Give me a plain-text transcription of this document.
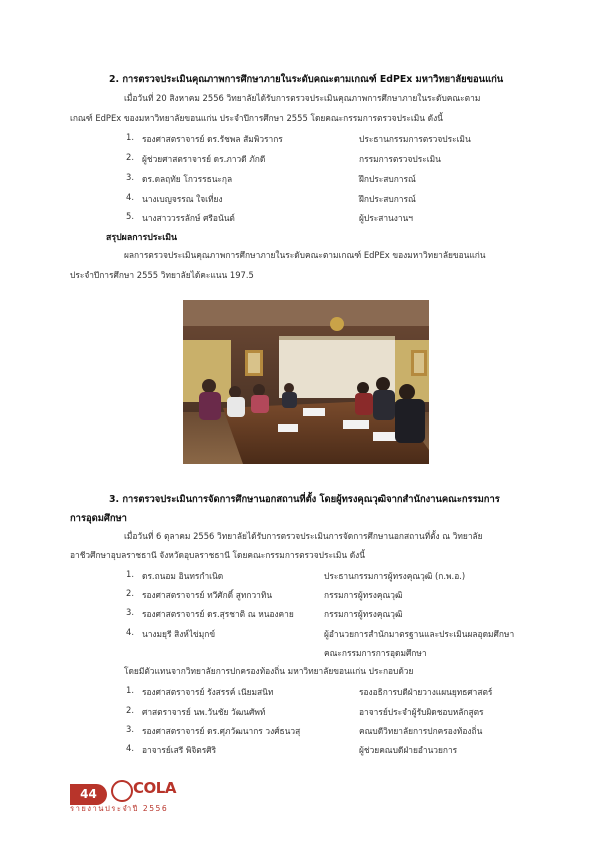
2. การตรวจประเมินคุณภาพการศึกษาภายในระดับคณะตามเกณฑ์ EdPEx มหาวิทยาลัยขอนแก่น
เมื่อวันที่ 20 สิงหาคม 2556 วิทยาลัยได้รับการตรวจประเมินคุณภาพการศึกษาภายในระดับคณะตาม
เกณฑ์ EdPEx ของมหาวิทยาลัยขอนแก่น ประจำปีการศึกษา 2555 โดยคณะกรรมการตรวจประเมิน ดังนี้
1. รองศาสตราจารย์ ดร.รัชพล สัมพิวรากร	ประธานกรรมการตรวจประเมิน
2. ผู้ช่วยศาสตราจารย์ ดร.ภาวดี ภักดี	กรรมการตรวจประเมิน
3. ดร.ดลฤทัย โกวรรธนะกุล	ฝึกประสบการณ์
4. นางเบญจรรณ ใจเที่ยง	ฝึกประสบการณ์
5. นางสาววรรลักษ์ ศรีอนันต์	ผู้ประสานงานฯ
สรุปผลการประเมิน
ผลการตรวจประเมินคุณภาพการศึกษาภายในระดับคณะตามเกณฑ์ EdPEx ของมหาวิทยาลัยขอนแก่น
ประจำปีการศึกษา 2555 วิทยาลัยได้คะแนน 197.5
3. การตรวจประเมินการจัดการศึกษานอกสถานที่ตั้ง โดยผู้ทรงคุณวุฒิจากสำนักงานคณะกรรมการ
การอุดมศึกษา
เมื่อวันที่ 6 ตุลาคม 2556 วิทยาลัยได้รับการตรวจประเมินการจัดการศึกษานอกสถานที่ตั้ง ณ วิทยาลัย
อาชีวศึกษาอุบลราชธานี จังหวัดอุบลราชธานี โดยคณะกรรมการตรวจประเมิน ดังนี้
1. ดร.ถนอม อินทรกำเนิด	ประธานกรรมการผู้ทรงคุณวุฒิ (ก.พ.อ.)
2. รองศาสตราจารย์ ทวีศักดิ์ สูทกวาทิน	กรรมการผู้ทรงคุณวุฒิ
3. รองศาสตราจารย์ ดร.สุรชาติ ณ หนองคาย	กรรมการผู้ทรงคุณวุฒิ
4. นางมยุรี สิงห์ไข่มุกข์	ผู้อำนวยการสำนักมาตรฐานและประเมินผลอุดมศึกษา
คณะกรรมการการอุดมศึกษา
โดยมีตัวแทนจากวิทยาลัยการปกครองท้องถิ่น มหาวิทยาลัยขอนแก่น ประกอบด้วย
1. รองศาสตราจารย์ รังสรรค์ เนียมสนิท	รองอธิการบดีฝ่ายวางแผนยุทธศาสตร์
2. ศาสตราจารย์ นพ.วันชัย วัฒนศัพท์	อาจารย์ประจำผู้รับผิดชอบหลักสูตร
3. รองศาสตราจารย์ ดร.ศุภวัฒนากร วงศ์ธนวสุ	คณบดีวิทยาลัยการปกครองท้องถิ่น
4. อาจารย์เสรี พิจิตรศิริ	ผู้ช่วยคณบดีฝ่ายอำนวยการ
44	COLA
รายงานประจำปี 2556
